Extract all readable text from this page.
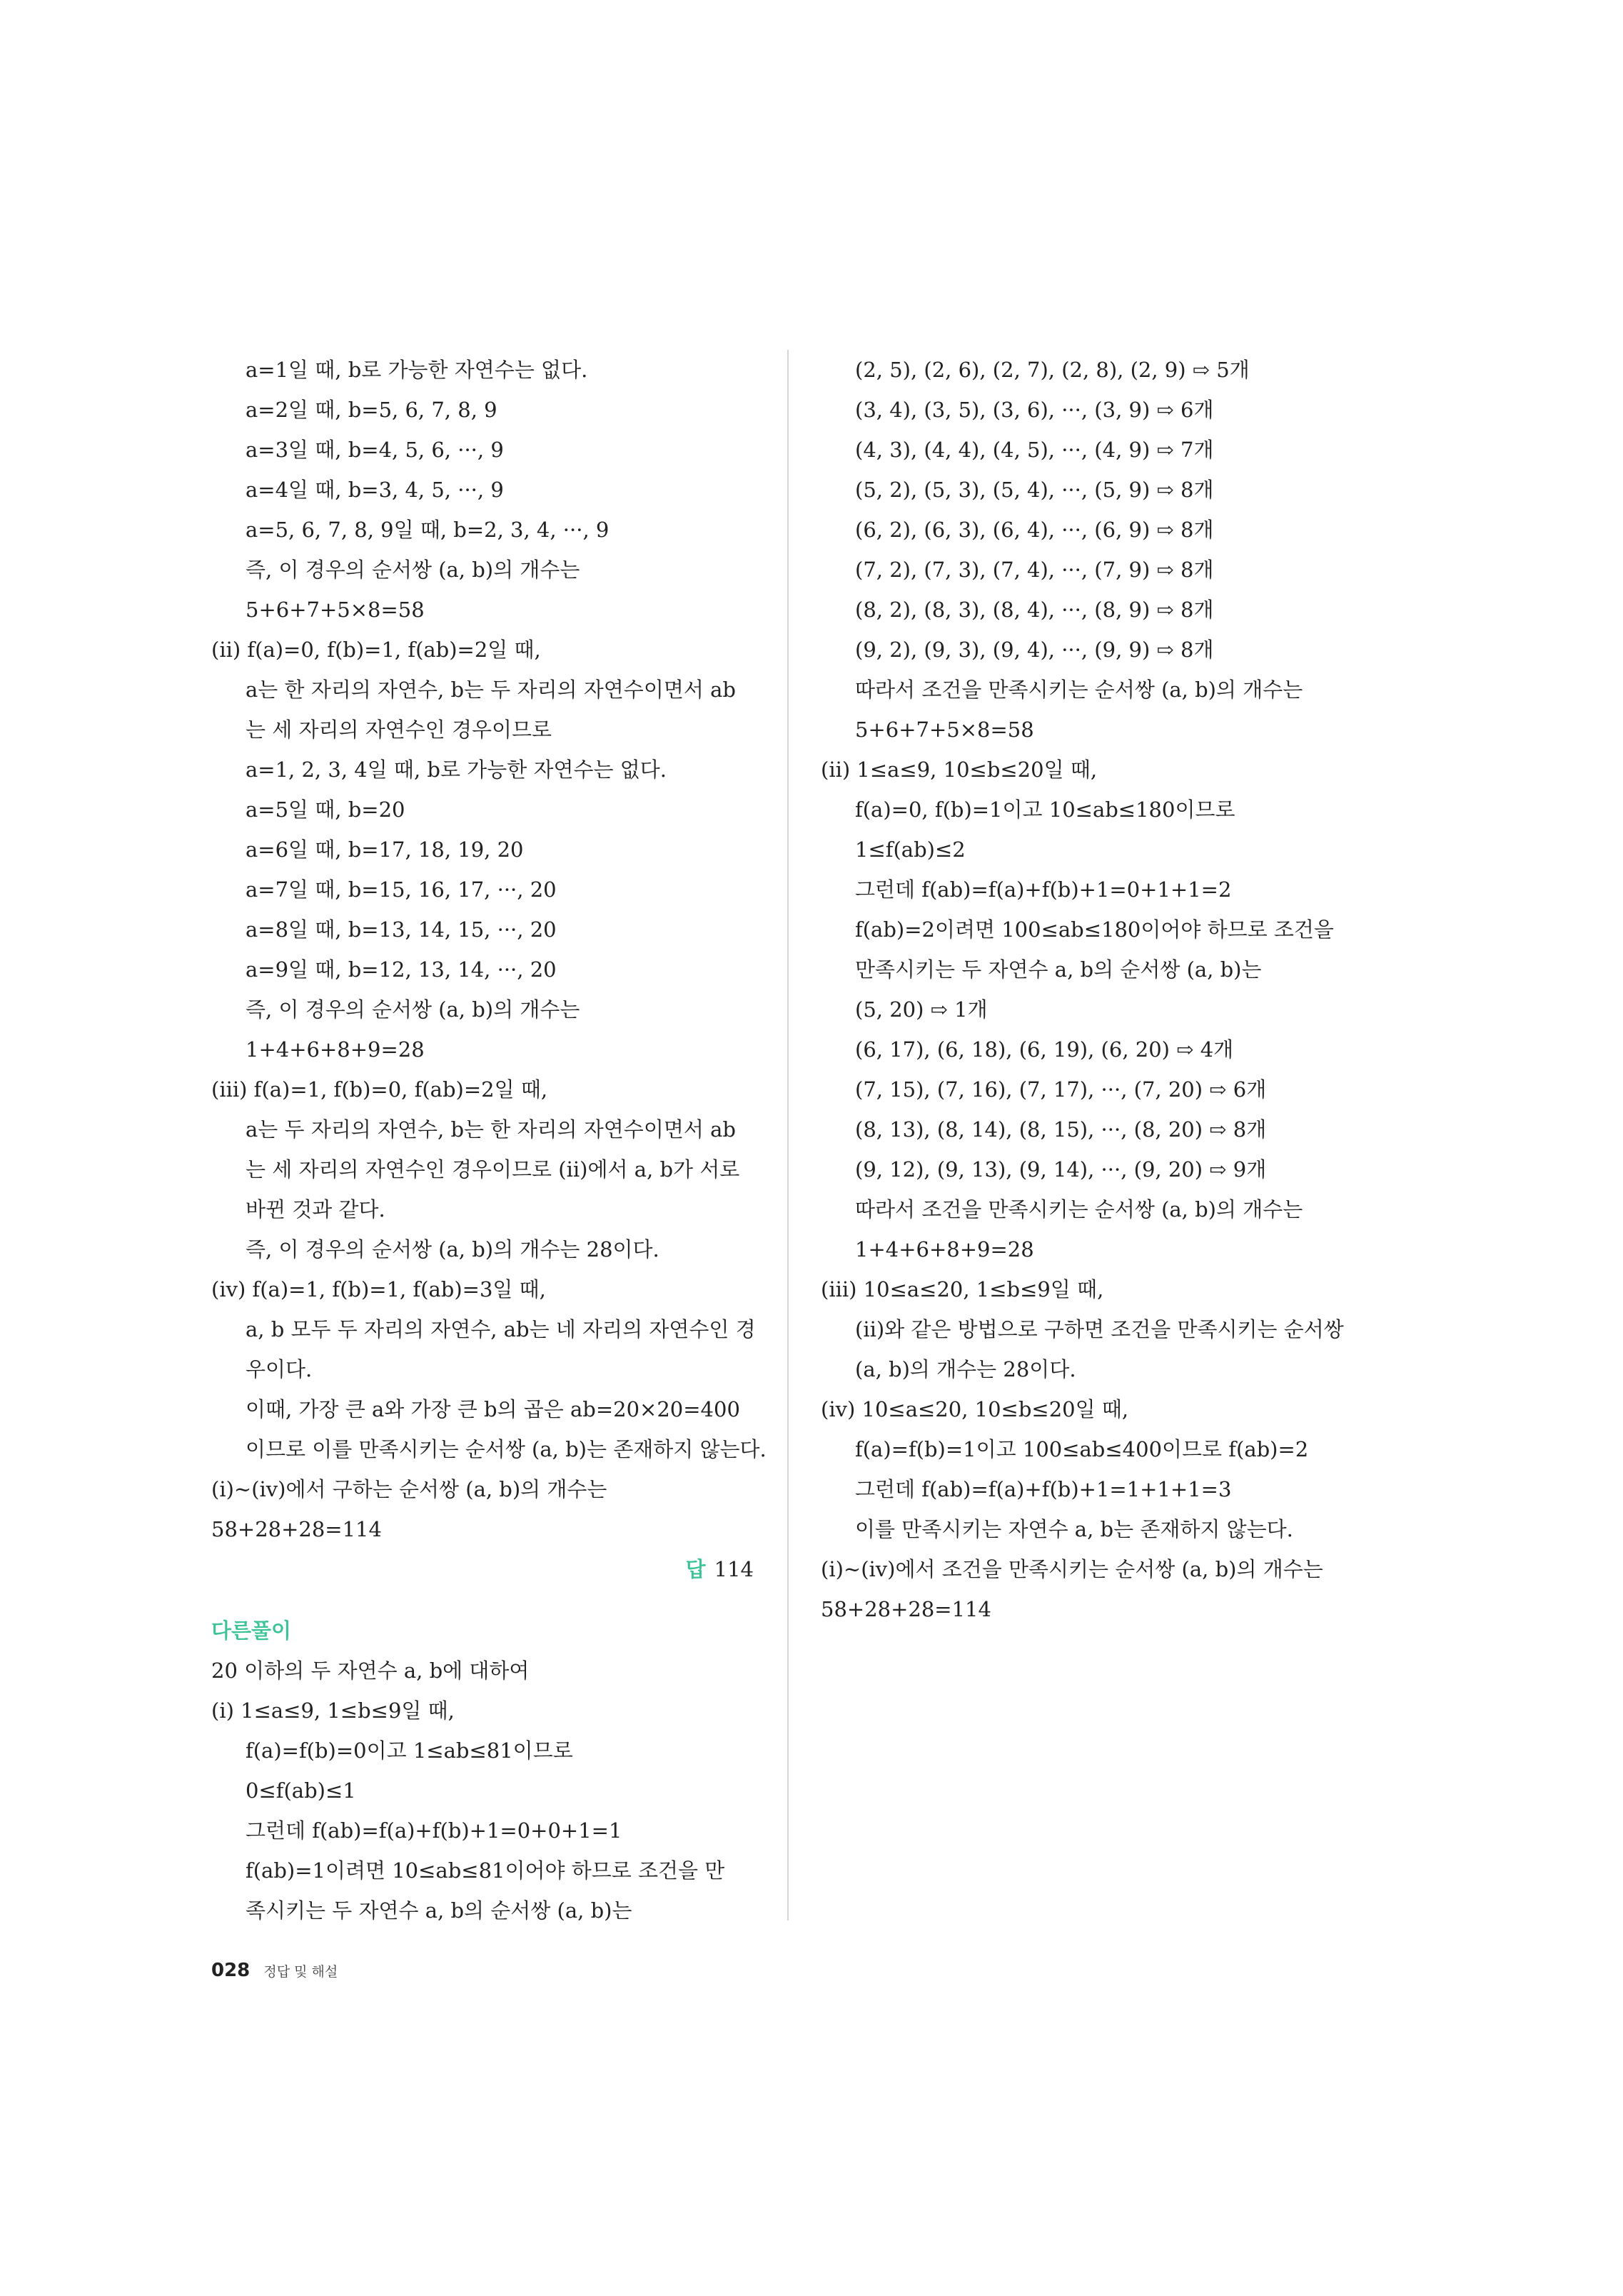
a=1일 때, b로 가능한 자연수는 없다.
a=2일 때, b=5, 6, 7, 8, 9
a=3일 때, b=4, 5, 6, ···, 9
a=4일 때, b=3, 4, 5, ···, 9
a=5, 6, 7, 8, 9일 때, b=2, 3, 4, ···, 9
즉, 이 경우의 순서쌍 (a, b)의 개수는
5+6+7+5×8=58
(ⅱ) f(a)=0, f(b)=1, f(ab)=2일 때,
a는 한 자리의 자연수, b는 두 자리의 자연수이면서 ab
는 세 자리의 자연수인 경우이므로
a=1, 2, 3, 4일 때, b로 가능한 자연수는 없다.
a=5일 때, b=20
a=6일 때, b=17, 18, 19, 20
a=7일 때, b=15, 16, 17, ···, 20
a=8일 때, b=13, 14, 15, ···, 20
a=9일 때, b=12, 13, 14, ···, 20
즉, 이 경우의 순서쌍 (a, b)의 개수는
1+4+6+8+9=28
(ⅲ) f(a)=1, f(b)=0, f(ab)=2일 때,
a는 두 자리의 자연수, b는 한 자리의 자연수이면서 ab
는 세 자리의 자연수인 경우이므로 (ⅱ)에서 a, b가 서로
바뀐 것과 같다.
즉, 이 경우의 순서쌍 (a, b)의 개수는 28이다.
(ⅳ) f(a)=1, f(b)=1, f(ab)=3일 때,
a, b 모두 두 자리의 자연수, ab는 네 자리의 자연수인 경
우이다.
이때, 가장 큰 a와 가장 큰 b의 곱은 ab=20×20=400
이므로 이를 만족시키는 순서쌍 (a, b)는 존재하지 않는다.
(ⅰ)~(ⅳ)에서 구하는 순서쌍 (a, b)의 개수는
58+28+28=114
답 114
다른풀이
20 이하의 두 자연수 a, b에 대하여
(ⅰ) 1≤a≤9, 1≤b≤9일 때,
f(a)=f(b)=0이고 1≤ab≤81이므로
0≤f(ab)≤1
그런데 f(ab)=f(a)+f(b)+1=0+0+1=1
f(ab)=1이려면 10≤ab≤81이어야 하므로 조건을 만
족시키는 두 자연수 a, b의 순서쌍 (a, b)는
(2, 5), (2, 6), (2, 7), (2, 8), (2, 9) ⇨ 5개
(3, 4), (3, 5), (3, 6), ···, (3, 9) ⇨ 6개
(4, 3), (4, 4), (4, 5), ···, (4, 9) ⇨ 7개
(5, 2), (5, 3), (5, 4), ···, (5, 9) ⇨ 8개
(6, 2), (6, 3), (6, 4), ···, (6, 9) ⇨ 8개
(7, 2), (7, 3), (7, 4), ···, (7, 9) ⇨ 8개
(8, 2), (8, 3), (8, 4), ···, (8, 9) ⇨ 8개
(9, 2), (9, 3), (9, 4), ···, (9, 9) ⇨ 8개
따라서 조건을 만족시키는 순서쌍 (a, b)의 개수는
5+6+7+5×8=58
(ⅱ) 1≤a≤9, 10≤b≤20일 때,
f(a)=0, f(b)=1이고 10≤ab≤180이므로
1≤f(ab)≤2
그런데 f(ab)=f(a)+f(b)+1=0+1+1=2
f(ab)=2이려면 100≤ab≤180이어야 하므로 조건을
만족시키는 두 자연수 a, b의 순서쌍 (a, b)는
(5, 20) ⇨ 1개
(6, 17), (6, 18), (6, 19), (6, 20) ⇨ 4개
(7, 15), (7, 16), (7, 17), ···, (7, 20) ⇨ 6개
(8, 13), (8, 14), (8, 15), ···, (8, 20) ⇨ 8개
(9, 12), (9, 13), (9, 14), ···, (9, 20) ⇨ 9개
따라서 조건을 만족시키는 순서쌍 (a, b)의 개수는
1+4+6+8+9=28
(ⅲ) 10≤a≤20, 1≤b≤9일 때,
(ⅱ)와 같은 방법으로 구하면 조건을 만족시키는 순서쌍
(a, b)의 개수는 28이다.
(ⅳ) 10≤a≤20, 10≤b≤20일 때,
f(a)=f(b)=1이고 100≤ab≤400이므로 f(ab)=2
그런데 f(ab)=f(a)+f(b)+1=1+1+1=3
이를 만족시키는 자연수 a, b는 존재하지 않는다.
(ⅰ)~(ⅳ)에서 조건을 만족시키는 순서쌍 (a, b)의 개수는
58+28+28=114
028 정답 및 해설
